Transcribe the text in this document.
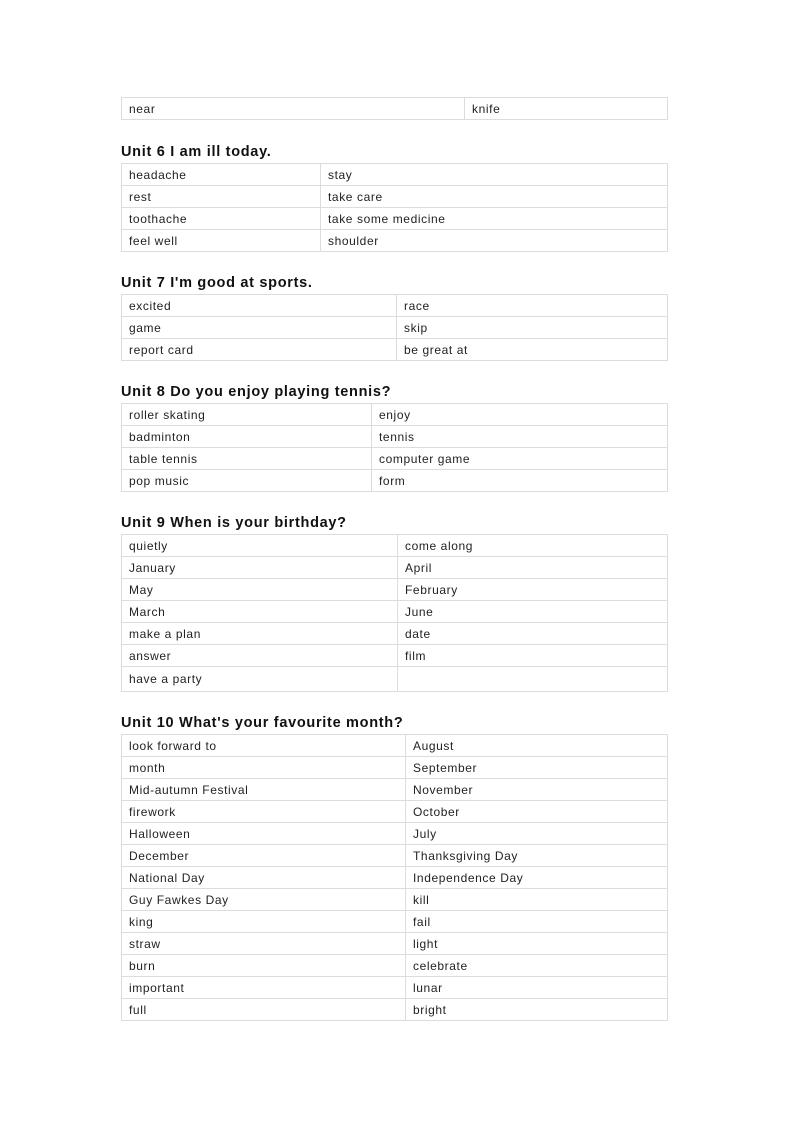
near	knife
Unit 6 I am ill today.
headache	stay
rest	take care
toothache	take some medicine
feel well	shoulder
Unit 7 I'm good at sports.
excited	race
game	skip
report card	be great at
Unit 8 Do you enjoy playing tennis?
roller skating	enjoy
badminton	tennis
table tennis	computer game
pop music	form
Unit 9 When is your birthday?
quietly	come along
January	April
May	February
March	June
make a plan	date
answer	film
have a party	
Unit 10 What's your favourite month?
look forward to	August
month	September
Mid-autumn Festival	November
firework	October
Halloween	July
December	Thanksgiving Day
National Day	Independence Day
Guy Fawkes Day	kill
king	fail
straw	light
burn	celebrate
important	lunar
full	bright
